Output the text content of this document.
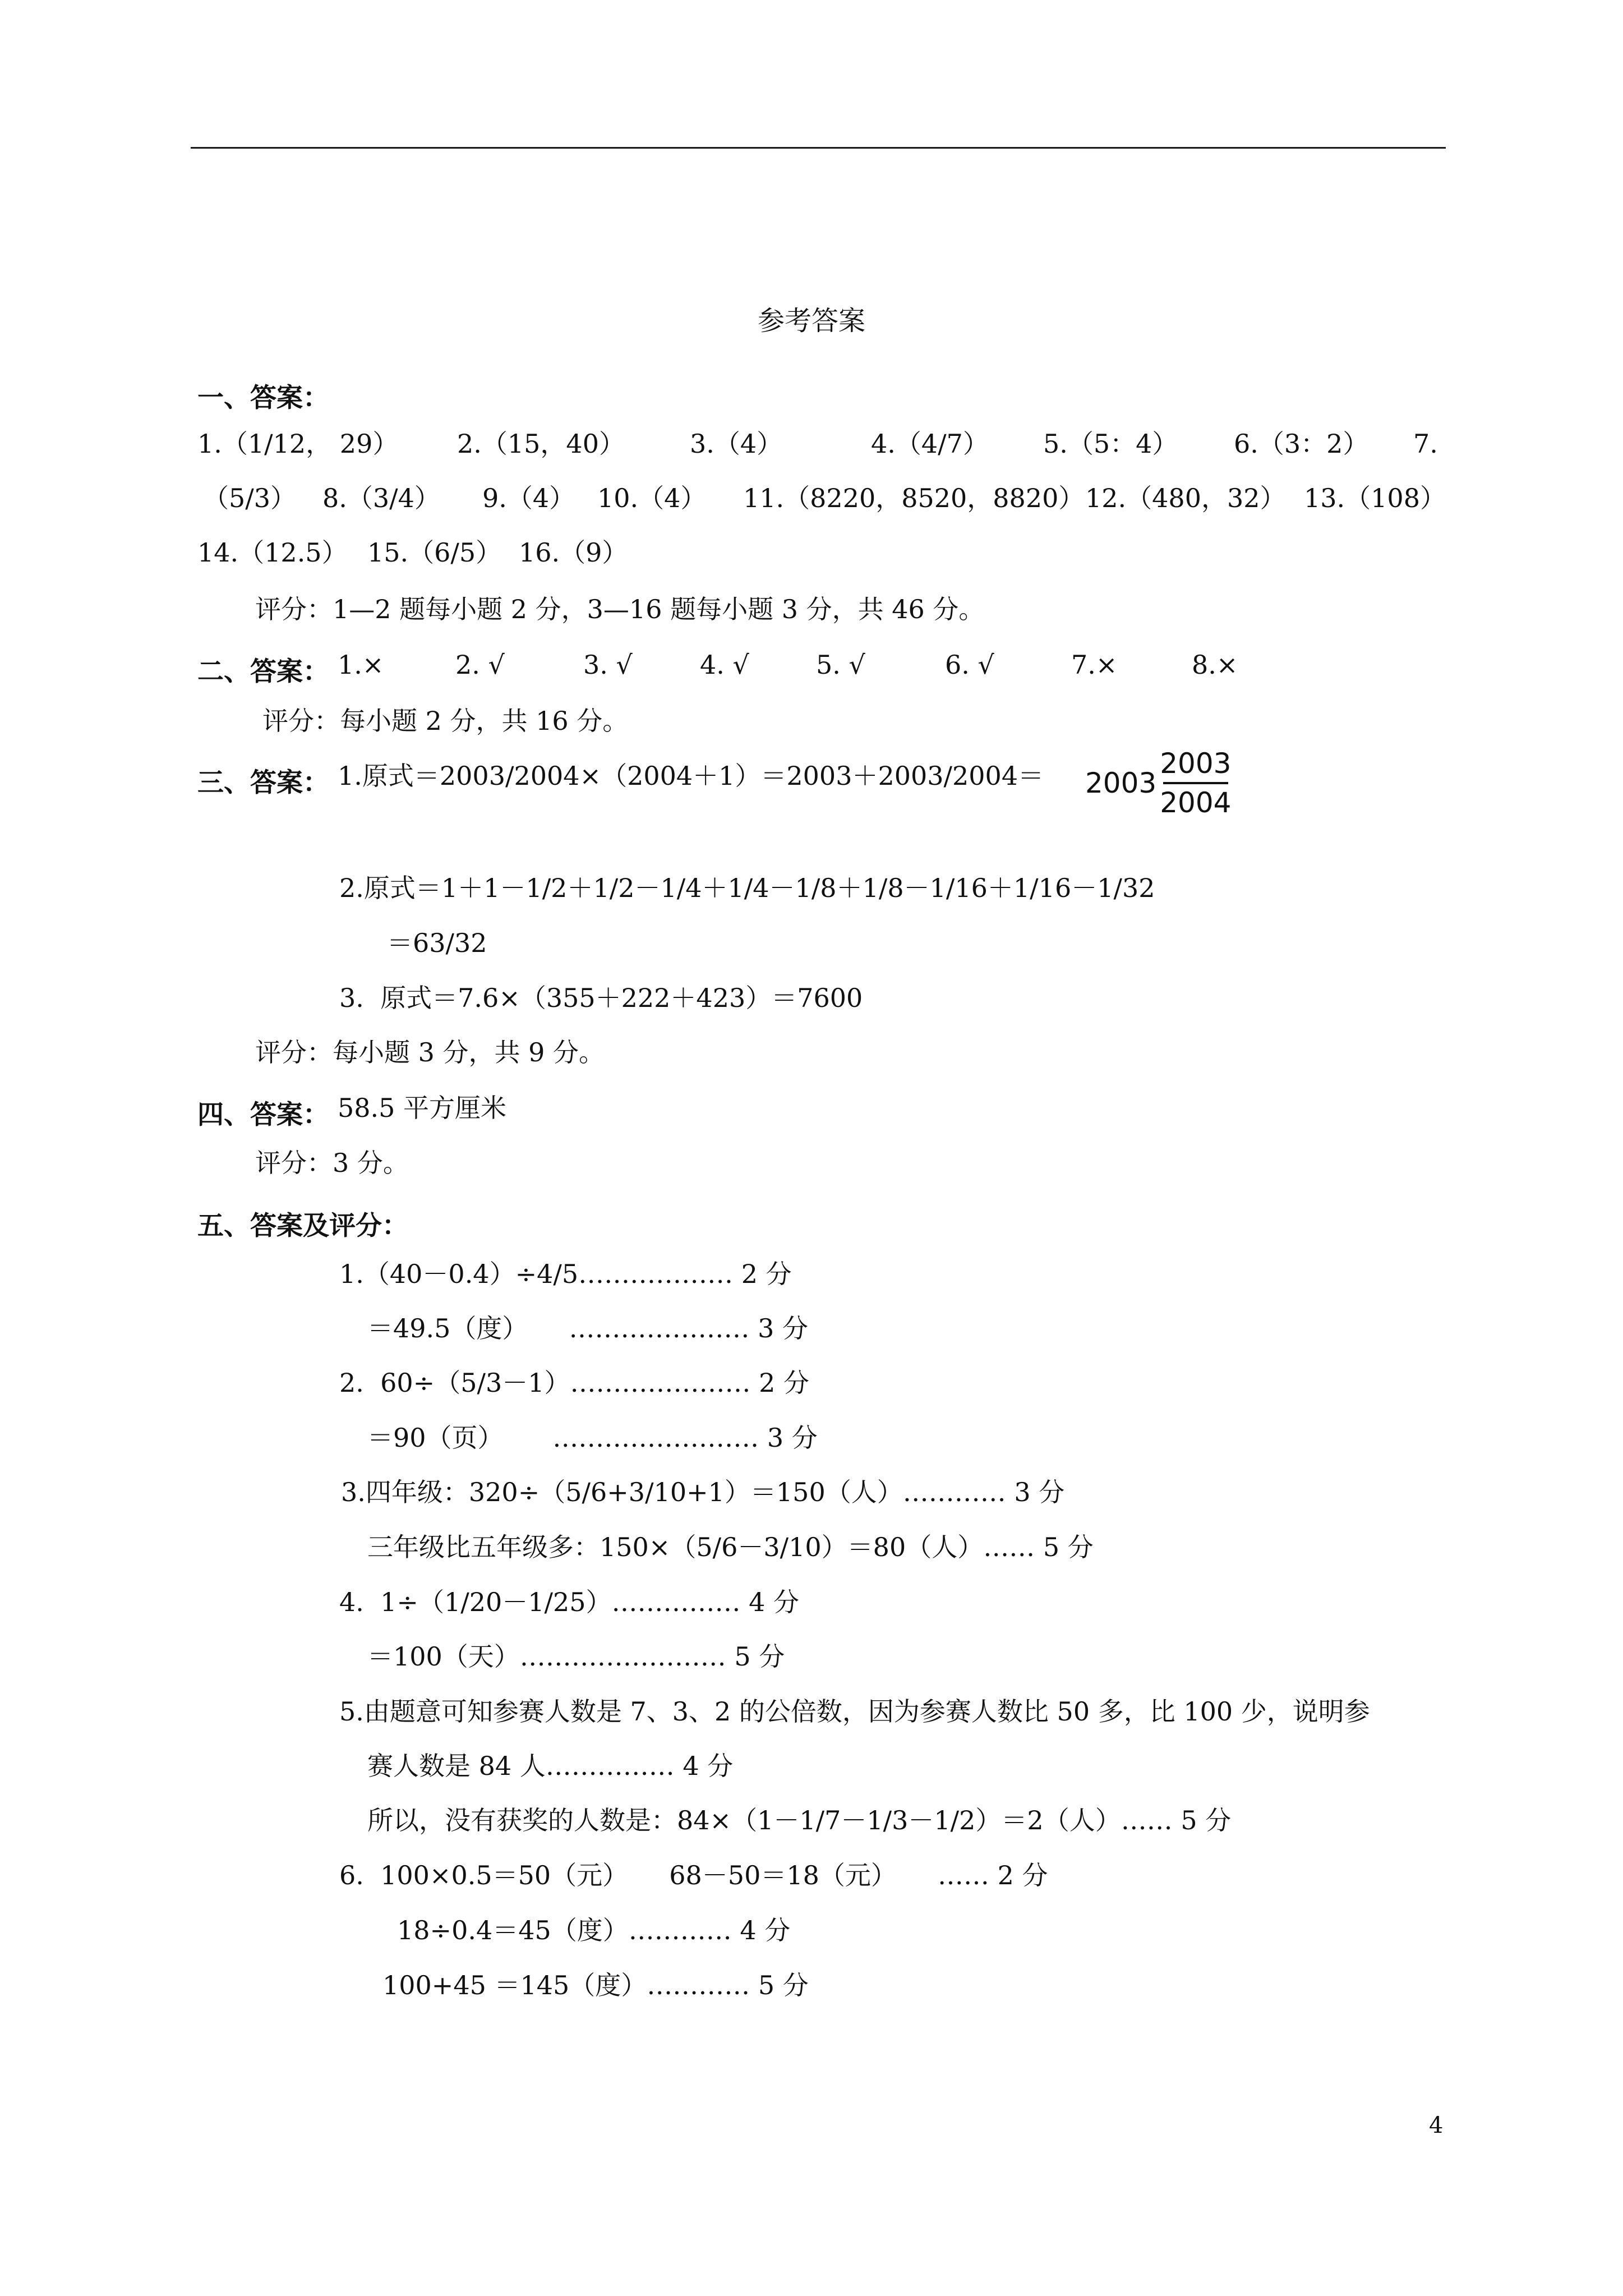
参考答案
一、答案：
1.（1/12， 29） 2.（15，40）	3.（4）	4.（4/7） 5.（5：4） 6.（3：2） 7.
（5/3） 8.（3/4） 9.（4） 10.（4） 11.（8220，8520，8820） 12.（480，32） 13.（108）
14.（12.5） 15.（6/5） 16.（9）
评分：1—2 题每小题 2 分，3—16 题每小题 3 分，共 46 分。
二、答案： 1.×	2. √	3. √	4. √	5. √	6. √	7.×	8.×
评分：每小题 2 分，共 16 分。
三、答案： 1.原式＝2003/2004×（2004＋1）＝2003＋2003/2004＝ 2003
2003
2004
2.原式＝1＋1－1/2＋1/2－1/4＋1/4－1/8＋1/8－1/16＋1/16－1/32
＝63/32
3.  原式＝7.6×（355＋222＋423）＝7600
评分：每小题 3 分，共 9 分。
四、答案： 58.5 平方厘米
评分：3 分。
五、答案及评分：
1.（40－0.4）÷4/5……………… 2 分
＝49.5（度）     ………………… 3 分
2.  60÷（5/3－1）………………… 2 分
＝90（页）      …………………… 3 分
3.四年级：320÷（5/6+3/10+1）＝150（人）………… 3 分
三年级比五年级多：150×（5/6－3/10）＝80（人）…… 5 分
4.  1÷（1/20－1/25）…………… 4 分
＝100（天）…………………… 5 分
5.由题意可知参赛人数是 7、3、2 的公倍数，因为参赛人数比 50 多，比 100 少，说明参
赛人数是 84 人…………… 4 分
所以，没有获奖的人数是：84×（1－1/7－1/3－1/2）＝2（人）…… 5 分
6.  100×0.5＝50（元）     68－50＝18（元）     …… 2 分
18÷0.4＝45（度）………… 4 分
100+45 ＝145（度）………… 5 分
4
